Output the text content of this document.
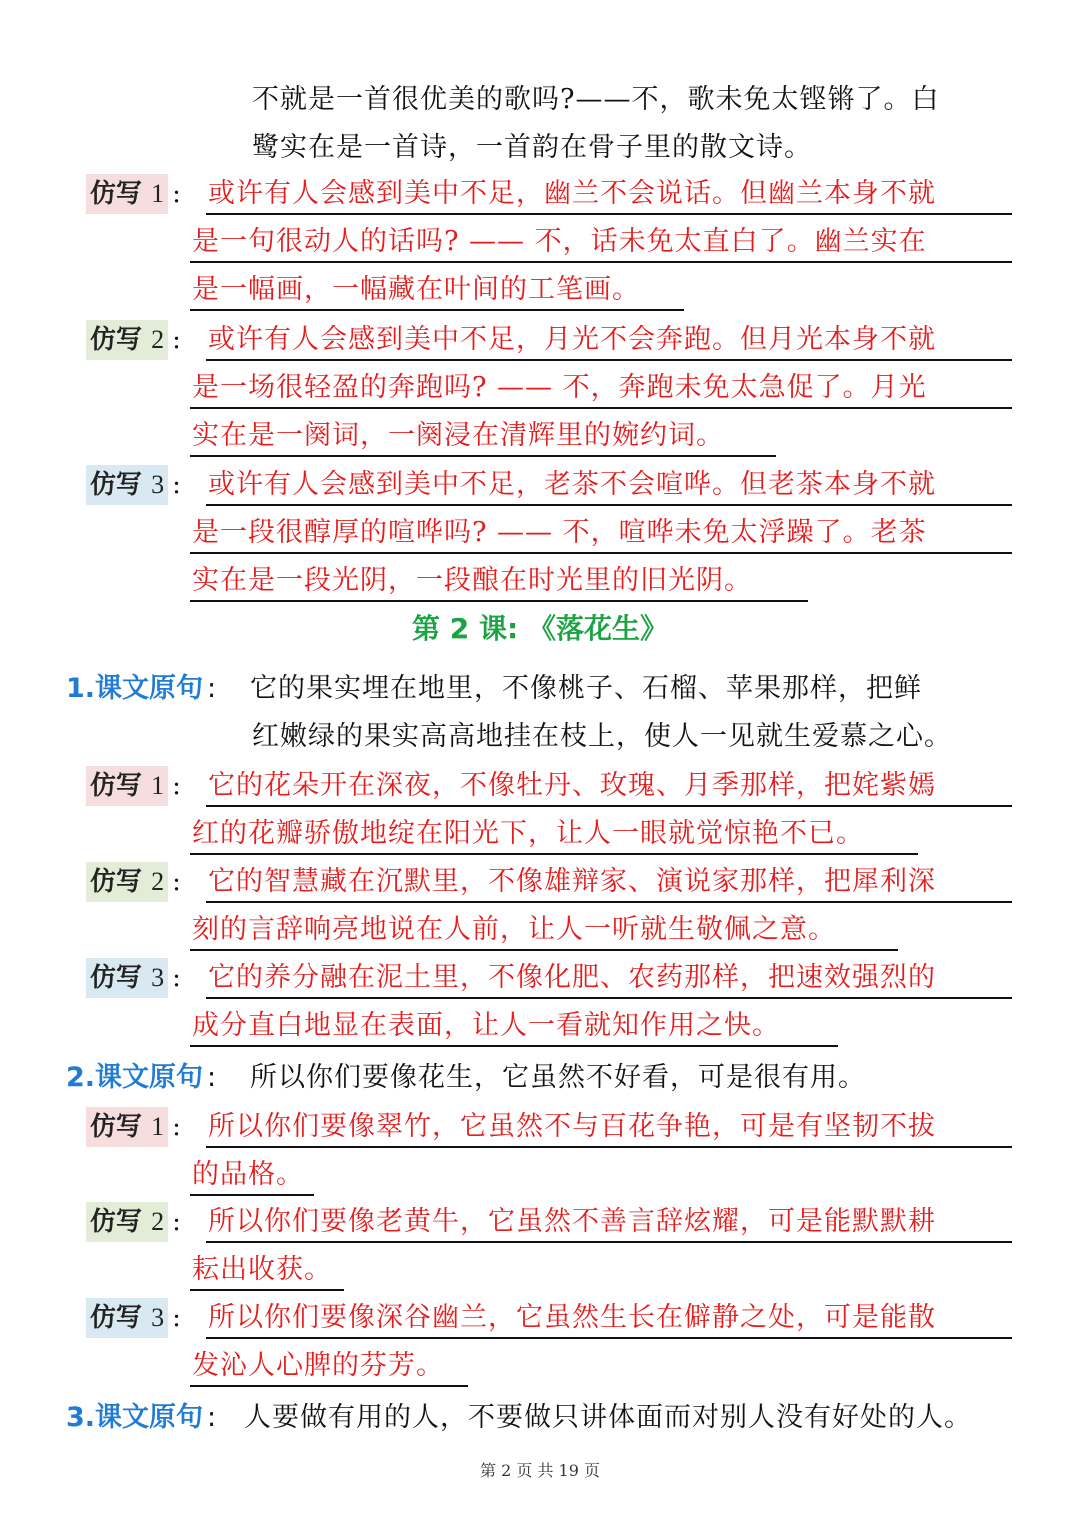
不就是一首很优美的歌吗?——不，歌未免太铿锵了。白
鹭实在是一首诗，一首韵在骨子里的散文诗。
仿写 1 : 或许有人会感到美中不足，幽兰不会说话。但幽兰本身不就
是一句很动人的话吗? —— 不，话未免太直白了。幽兰实在
是一幅画，一幅藏在叶间的工笔画。
仿写 2 : 或许有人会感到美中不足，月光不会奔跑。但月光本身不就
是一场很轻盈的奔跑吗? —— 不，奔跑未免太急促了。月光
实在是一阕词，一阕浸在清辉里的婉约词。
仿写 3 : 或许有人会感到美中不足，老茶不会喧哗。但老茶本身不就
是一段很醇厚的喧哗吗? —— 不，喧哗未免太浮躁了。老茶
实在是一段光阴，一段酿在时光里的旧光阴。
第 2 课: 《落花生》
1.课文原句 : 它的果实埋在地里，不像桃子、石榴、苹果那样，把鲜
红嫩绿的果实高高地挂在枝上，使人一见就生爱慕之心。
仿写 1 : 它的花朵开在深夜，不像牡丹、玫瑰、月季那样，把姹紫嫣
红的花瓣骄傲地绽在阳光下，让人一眼就觉惊艳不已。
仿写 2 : 它的智慧藏在沉默里，不像雄辩家、演说家那样，把犀利深
刻的言辞响亮地说在人前，让人一听就生敬佩之意。
仿写 3 : 它的养分融在泥土里，不像化肥、农药那样，把速效强烈的
成分直白地显在表面，让人一看就知作用之快。
2.课文原句 : 所以你们要像花生，它虽然不好看，可是很有用。
仿写 1 : 所以你们要像翠竹，它虽然不与百花争艳，可是有坚韧不拔
的品格。
仿写 2 : 所以你们要像老黄牛，它虽然不善言辞炫耀，可是能默默耕
耘出收获。
仿写 3 : 所以你们要像深谷幽兰，它虽然生长在僻静之处，可是能散
发沁人心脾的芬芳。
3.课文原句 : 人要做有用的人，不要做只讲体面而对别人没有好处的人。
第 2 页 共 19 页
